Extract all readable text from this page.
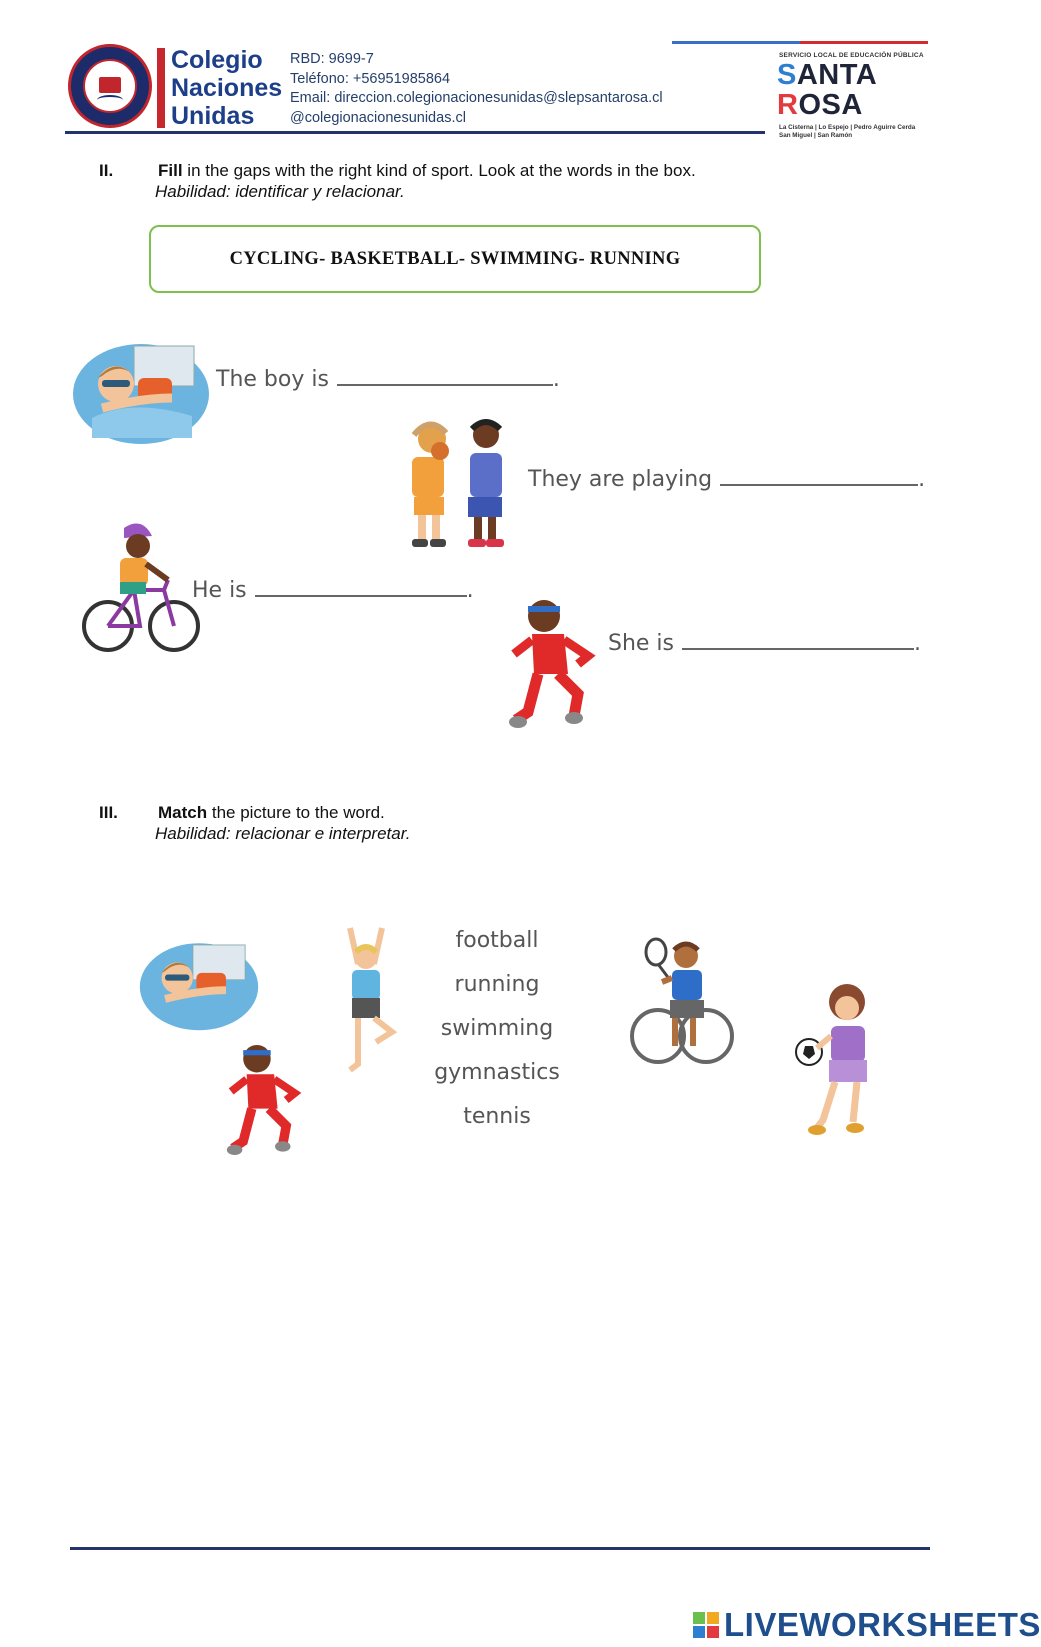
Colegio
Naciones
Unidas
RBD: 9699-7
Teléfono: +56951985864
Email: direccion.colegionacionesunidas@slepsantarosa.cl
@colegionacionesunidas.cl
SERVICIO LOCAL DE EDUCACIÓN PÚBLICA
SANTA
ROSA
La Cisterna | Lo Espejo | Pedro Aguirre Cerda
San Miguel | San Ramón
II.	Fill in the gaps with the right kind of sport. Look at the words in the box.
Habilidad: identificar y relacionar.
CYCLING- BASKETBALL- SWIMMING- RUNNING
The boy is	.
They are playing	.
He is	.
She is	.
III. Match the picture to the word.
Habilidad: relacionar e interpretar.
football
running
swimming
gymnastics
tennis
LIVEWORKSHEETS
